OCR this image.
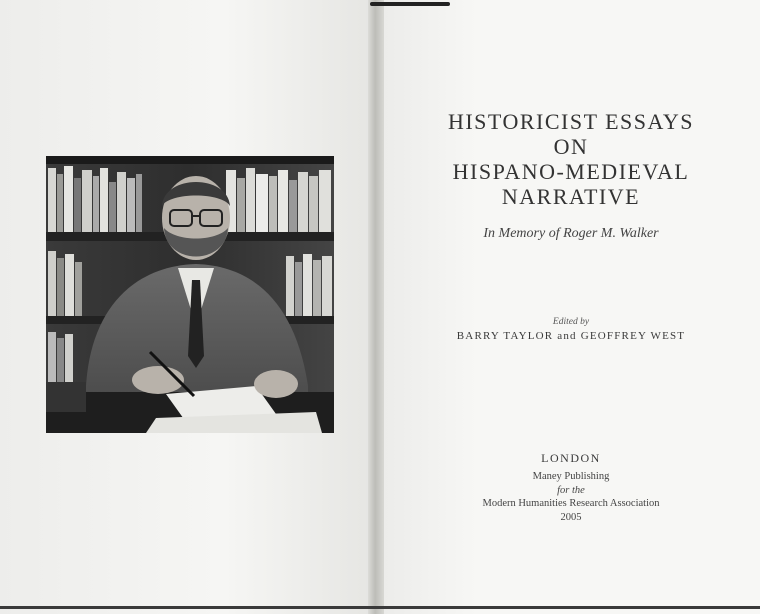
HISTORICIST ESSAYS
ON
HISPANO-MEDIEVAL
NARRATIVE
In Memory of Roger M. Walker
Edited by
BARRY TAYLOR and GEOFFREY WEST
LONDON
Maney Publishing
for the
Modern Humanities Research Association
2005
